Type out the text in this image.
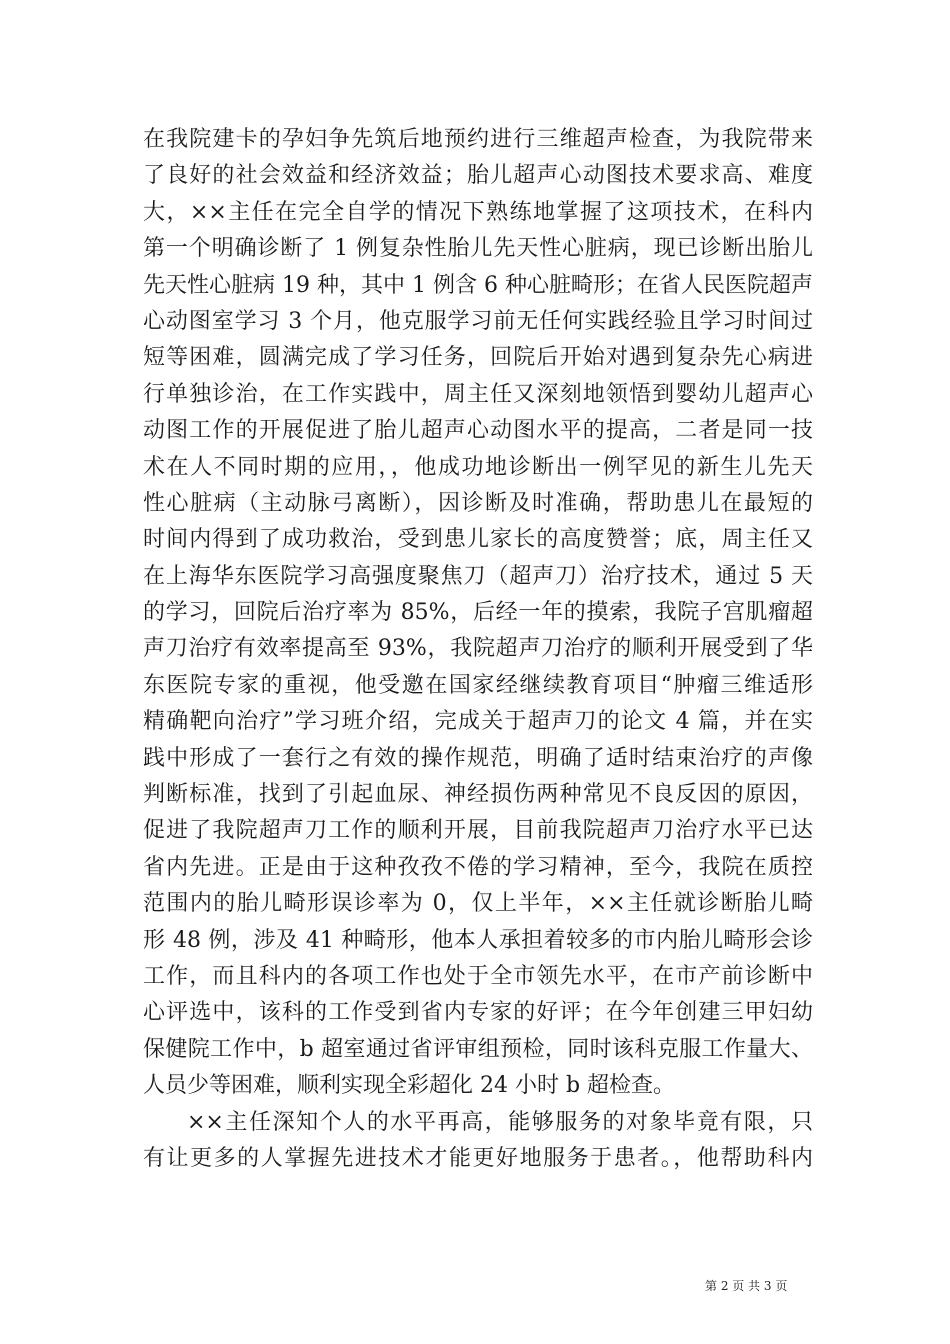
在我院建卡的孕妇争先筑后地预约进行三维超声检查，为我院带来
了良好的社会效益和经济效益；胎儿超声心动图技术要求高、难度
大，××主任在完全自学的情况下熟练地掌握了这项技术，在科内
第一个明确诊断了 1 例复杂性胎儿先天性心脏病，现已诊断出胎儿
先天性心脏病 19 种，其中 1 例含 6 种心脏畸形；在省人民医院超声
心动图室学习 3 个月，他克服学习前无任何实践经验且学习时间过
短等困难，圆满完成了学习任务，回院后开始对遇到复杂先心病进
行单独诊治，在工作实践中，周主任又深刻地领悟到婴幼儿超声心
动图工作的开展促进了胎儿超声心动图水平的提高，二者是同一技
术在人不同时期的应用，，他成功地诊断出一例罕见的新生儿先天
性心脏病（主动脉弓离断），因诊断及时准确，帮助患儿在最短的
时间内得到了成功救治，受到患儿家长的高度赞誉；底，周主任又
在上海华东医院学习高强度聚焦刀（超声刀）治疗技术，通过 5 天
的学习，回院后治疗率为 85%，后经一年的摸索，我院子宫肌瘤超
声刀治疗有效率提高至 93%，我院超声刀治疗的顺利开展受到了华
东医院专家的重视，他受邀在国家经继续教育项目“肿瘤三维适形
精确靶向治疗”学习班介绍，完成关于超声刀的论文 4 篇，并在实
践中形成了一套行之有效的操作规范，明确了适时结束治疗的声像
判断标准，找到了引起血尿、神经损伤两种常见不良反因的原因，
促进了我院超声刀工作的顺利开展，目前我院超声刀治疗水平已达
省内先进。正是由于这种孜孜不倦的学习精神，至今，我院在质控
范围内的胎儿畸形误诊率为 0，仅上半年，××主任就诊断胎儿畸
形 48 例，涉及 41 种畸形，他本人承担着较多的市内胎儿畸形会诊
工作，而且科内的各项工作也处于全市领先水平，在市产前诊断中
心评选中，该科的工作受到省内专家的好评；在今年创建三甲妇幼
保健院工作中，b 超室通过省评审组预检，同时该科克服工作量大、
人员少等困难，顺利实现全彩超化 24 小时 b 超检查。
××主任深知个人的水平再高，能够服务的对象毕竟有限，只
有让更多的人掌握先进技术才能更好地服务于患者。，他帮助科内
第 2 页 共 3 页
